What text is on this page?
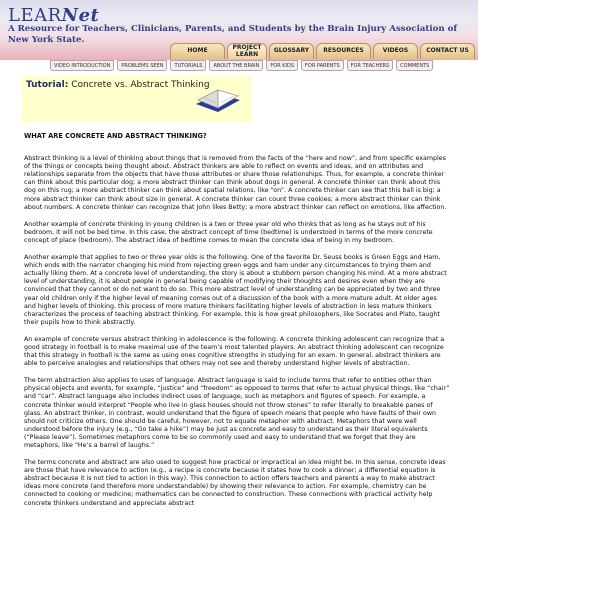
LEARNet
A Resource for Teachers, Clinicians, Parents, and Students by the Brain Injury Association of New York State.
HOME	PROJECT LEARN	GLOSSARY	RESOURCES	VIDEOS	CONTACT US
VIDEO INTRODUCTION	PROBLEMS SEEN	TUTORIALS	ABOUT THE BRAIN	FOR KIDS	FOR PARENTS	FOR TEACHERS	COMMENTS
Tutorial: Concrete vs. Abstract Thinking
WHAT ARE CONCRETE AND ABSTRACT THINKING?

Abstract thinking is a level of thinking about things that is removed from the facts of the “here and now”, and from specific examples of the things or concepts being thought about. Abstract thinkers are able to reflect on events and ideas, and on attributes and relationships separate from the objects that have those attributes or share those relationships. Thus, for example, a concrete thinker can think about this particular dog; a more abstract thinker can think about dogs in general. A concrete thinker can think about this dog on this rug; a more abstract thinker can think about spatial relations, like “on”. A concrete thinker can see that this ball is big; a more abstract thinker can think about size in general. A concrete thinker can count three cookies; a more abstract thinker can think about numbers. A concrete thinker can recognize that John likes Betty; a more abstract thinker can reflect on emotions, like affection.

Another example of concrete thinking in young children is a two or three year old who thinks that as long as he stays out of his bedroom, it will not be bed time. In this case, the abstract concept of time (bedtime) is understood in terms of the more concrete concept of place (bedroom). The abstract idea of bedtime comes to mean the concrete idea of being in my bedroom.

Another example that applies to two or three year olds is the following. One of the favorite Dr. Seuss books is Green Eggs and Ham, which ends with the narrator changing his mind from rejecting green eggs and ham under any circumstances to trying them and actually liking them. At a concrete level of understanding, the story is about a stubborn person changing his mind. At a more abstract level of understanding, it is about people in general being capable of modifying their thoughts and desires even when they are convinced that they cannot or do not want to do so. This more abstract level of understanding can be appreciated by two and three year old children only if the higher level of meaning comes out of a discussion of the book with a more mature adult. At older ages and higher levels of thinking, this process of more mature thinkers facilitating higher levels of abstraction in less mature thinkers characterizes the process of teaching abstract thinking. For example, this is how great philosophers, like Socrates and Plato, taught their pupils how to think abstractly.

An example of concrete versus abstract thinking in adolescence is the following. A concrete thinking adolescent can recognize that a good strategy in football is to make maximal use of the team’s most talented players. An abstract thinking adolescent can recognize that this strategy in football is the same as using ones cognitive strengths in studying for an exam. In general, abstract thinkers are able to perceive analogies and relationships that others may not see and thereby understand higher levels of abstraction.

The term abstraction also applies to uses of language. Abstract language is said to include terms that refer to entities other than physical objects and events, for example, “justice” and “freedom” as opposed to terms that refer to actual physical things, like “chair” and “car”. Abstract language also includes indirect uses of language, such as metaphors and figures of speech. For example, a concrete thinker would interpret “People who live in glass houses should not throw stones” to refer literally to breakable panes of glass. An abstract thinker, in contrast, would understand that the figure of speech means that people who have faults of their own should not criticize others. One should be careful, however, not to equate metaphor with abstract. Metaphors that were well understood before the injury (e.g., “Go take a hike”) may be just as concrete and easy to understand as their literal equivalents (“Please leave”). Sometimes metaphors come to be so commonly used and easy to understand that we forget that they are metaphors, like “He’s a barrel of laughs.”

The terms concrete and abstract are also used to suggest how practical or impractical an idea might be. In this sense, concrete ideas are those that have relevance to action (e.g., a recipe is concrete because it states how to cook a dinner; a differential equation is abstract because it is not tied to action in this way). This connection to action offers teachers and parents a way to make abstract ideas more concrete (and therefore more understandable) by showing their relevance to action. For example, chemistry can be connected to cooking or medicine; mathematics can be connected to construction. These connections with practical activity help concrete thinkers understand and appreciate abstract
